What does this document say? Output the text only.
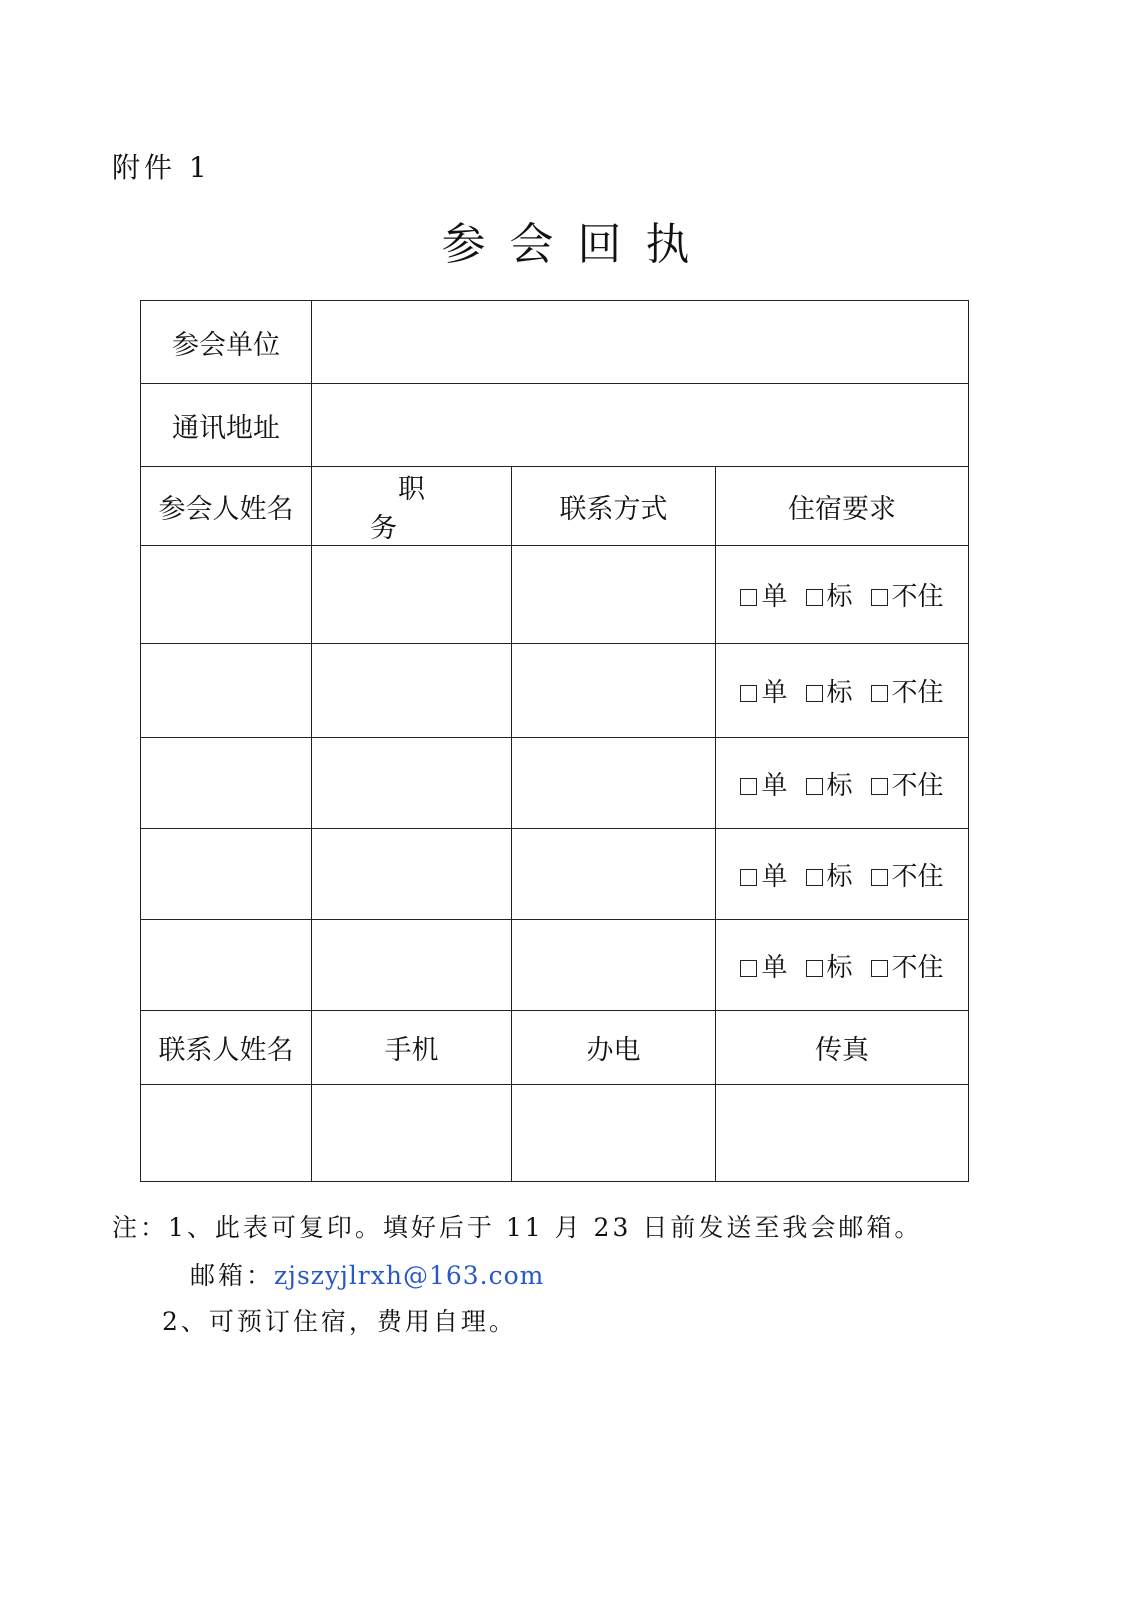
附件 1
参会回执
参会单位			
通讯地址			
参会人姓名	职务	联系方式	住宿要求
			单 标 不住
			单 标 不住
			单 标 不住
			单 标 不住
			单 标 不住
联系人姓名	手机	办电	传真

注：1、此表可复印。填好后于 11 月 23 日前发送至我会邮箱。
邮箱：zjszyjlrxh@163.com
2、可预订住宿，费用自理。
